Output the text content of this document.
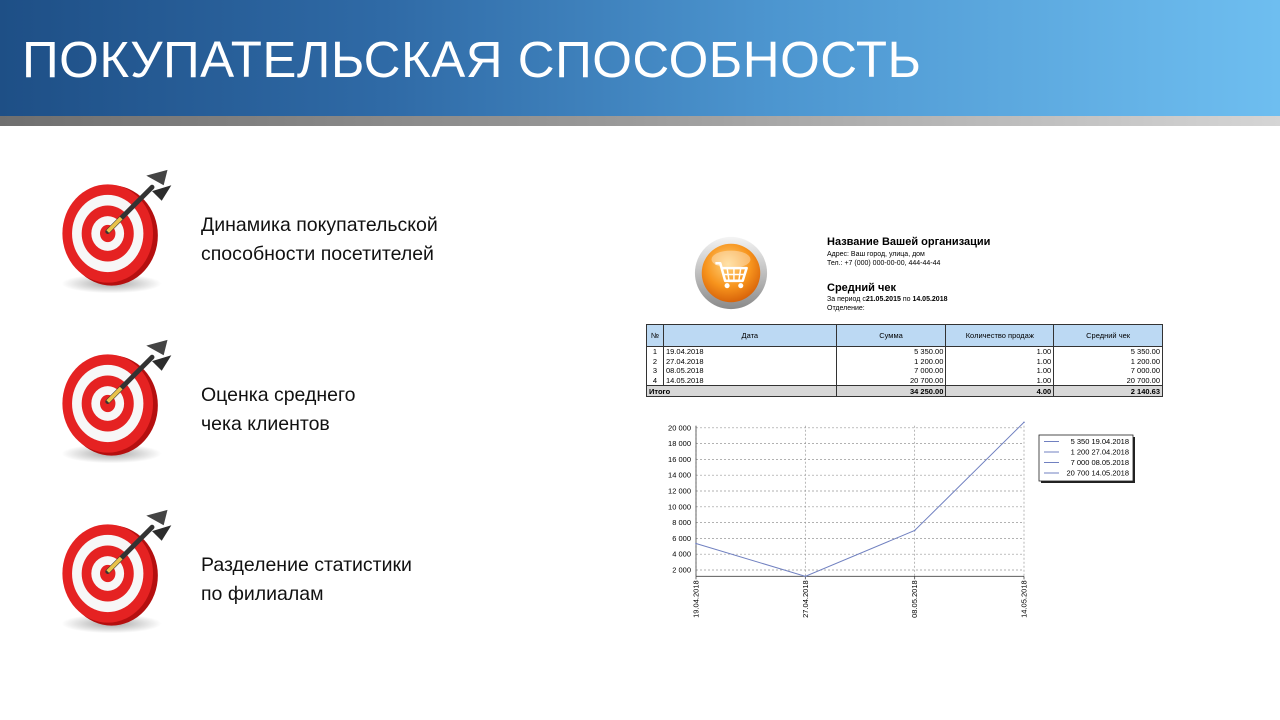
ПОКУПАТЕЛЬСКАЯ СПОСОБНОСТЬ
Динамика покупательской
способности посетителей
Оценка среднего
чека клиентов
Разделение статистики
по филиалам
Название Вашей организации
Адрес: Ваш город, улица, дом
Тел.: +7 (000) 000-00-00, 444-44-44
Средний чек
За период с21.05.2015 по 14.05.2018
Отделение:
№	Дата	Сумма	Количество продаж	Средний чек
1	19.04.2018	5 350.00	1.00	5 350.00
2	27.04.2018	1 200.00	1.00	1 200.00
3	08.05.2018	7 000.00	1.00	7 000.00
4	14.05.2018	20 700.00	1.00	20 700.00
Итого		34 250.00	4.00	2 140.63
2 000
4 000
6 000
8 000
10 000
12 000
14 000
16 000
18 000
20 000
19.04.2018	27.04.2018	08.05.2018	14.05.2018
5 350 19.04.2018
1 200 27.04.2018
7 000 08.05.2018
20 700 14.05.2018
